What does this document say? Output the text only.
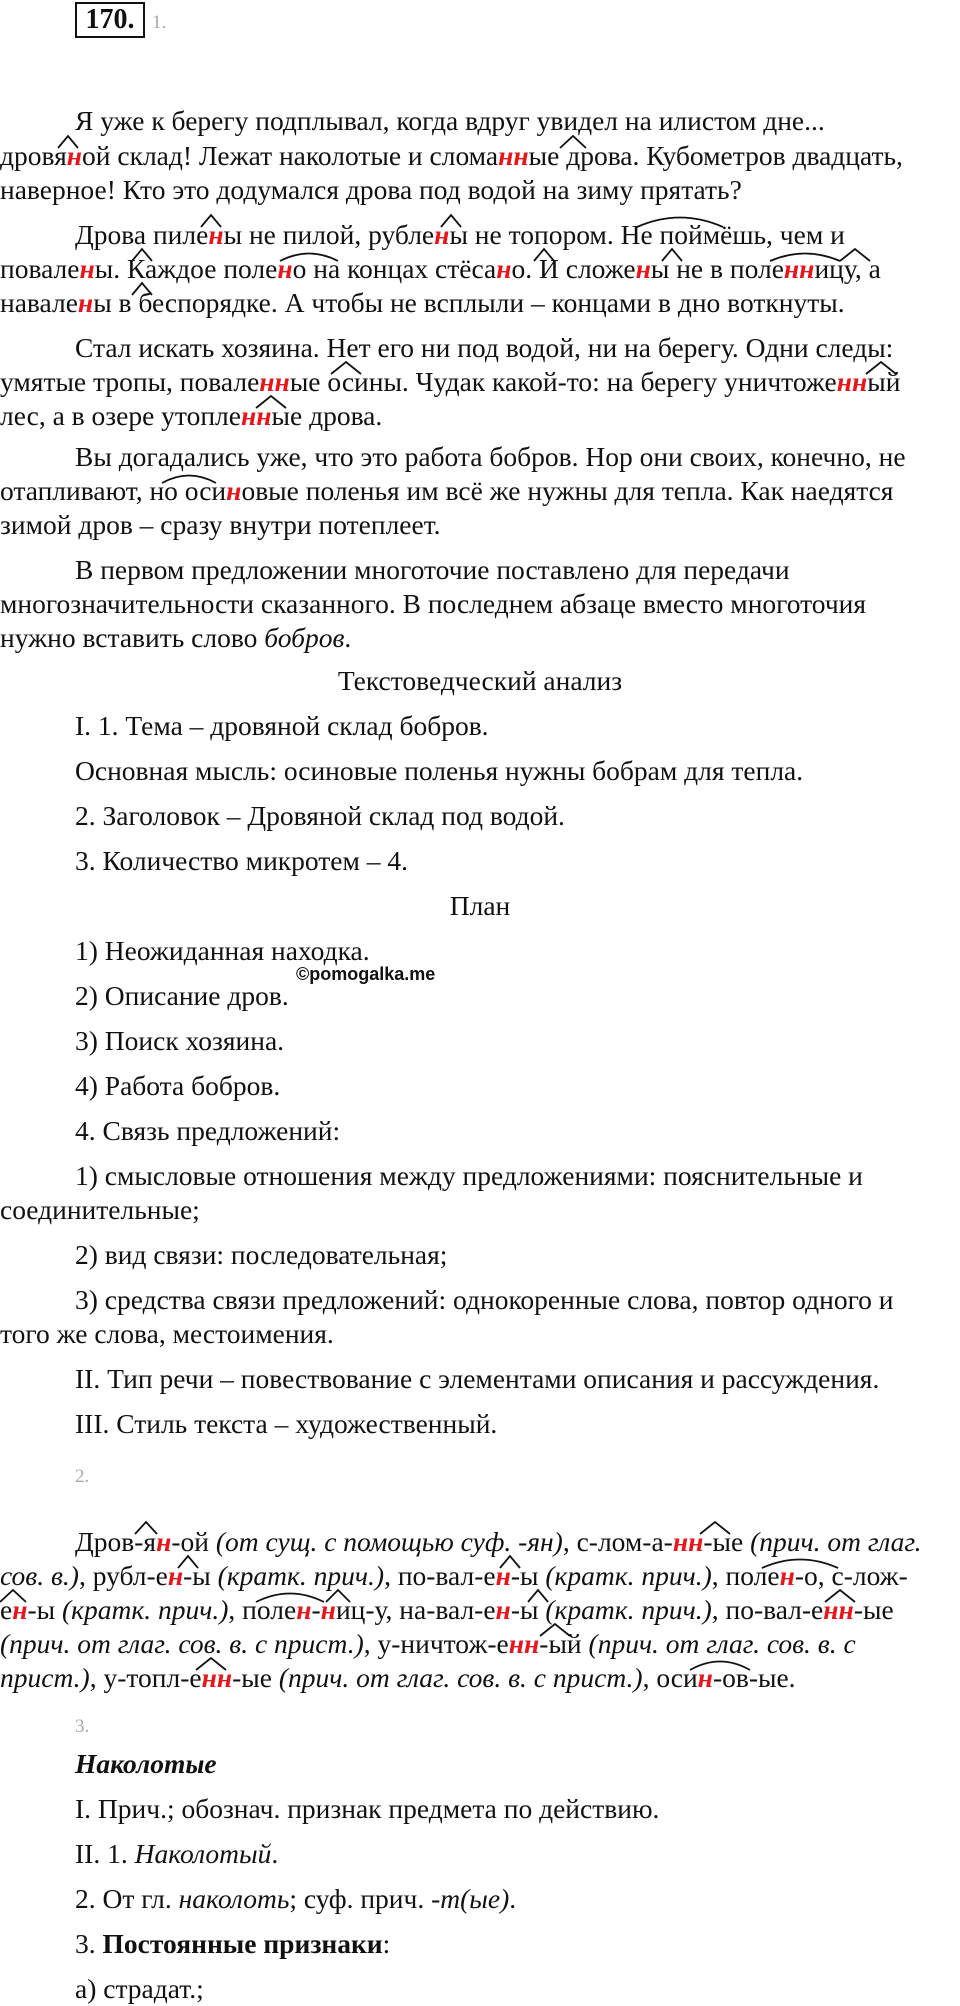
170. 1.
Я уже к берегу подплывал, когда вдруг увидел на илистом дне...
дровяной склад! Лежат наколотые и сломанные дрова. Кубометров двадцать,
наверное! Кто это додумался дрова под водой на зиму прятать?
Дрова пилены не пилой, рублены не топором. Не поймёшь, чем и
повалены. Каждое полено на концах стёсано. И сложены не в поленницу, а
навалены в беспорядке. А чтобы не всплыли – концами в дно воткнуты.
Стал искать хозяина. Нет его ни под водой, ни на берегу. Одни следы:
умятые тропы, поваленные осины. Чудак какой-то: на берегу уничтоженный
лес, а в озере утопленные дрова.
Вы догадались уже, что это работа бобров. Нор они своих, конечно, не
отапливают, но осиновые поленья им всё же нужны для тепла. Как наедятся
зимой дров – сразу внутри потеплеет.
В первом предложении многоточие поставлено для передачи
многозначительности сказанного. В последнем абзаце вместо многоточия
нужно вставить слово бобров.
Текстоведческий анализ
I. 1. Тема – дровяной склад бобров.
Основная мысль: осиновые поленья нужны бобрам для тепла.
2. Заголовок – Дровяной склад под водой.
3. Количество микротем – 4.
План
1) Неожиданная находка.
2) Описание дров.
©pomogalka.me
3) Поиск хозяина.
4) Работа бобров.
4. Связь предложений:
1) смысловые отношения между предложениями: пояснительные и
соединительные;
2) вид связи: последовательная;
3) средства связи предложений: однокоренные слова, повтор одного и
того же слова, местоимения.
II. Тип речи – повествование с элементами описания и рассуждения.
III. Стиль текста – художественный.
2.
Дров-ян-ой (от сущ. с помощью суф. -ян), с-лом-а-нн-ые (прич. от глаг.
сов. в.), рубл-ен-ы (кратк. прич.), по-вал-ен-ы (кратк. прич.), полен-о, с-лож-
ен-ы (кратк. прич.), полен-ниц-у, на-вал-ен-ы (кратк. прич.), по-вал-енн-ые
(прич. от глаг. сов. в. с прист.), у-ничтож-енн-ый (прич. от глаг. сов. в. с
прист.), у-топл-енн-ые (прич. от глаг. сов. в. с прист.), осин-ов-ые.
3.
Наколотые
I. Прич.; обознач. признак предмета по действию.
II. 1. Наколотый.
2. От гл. наколоть; суф. прич. -т(ые).
3. Постоянные признаки:
а) страдат.;
